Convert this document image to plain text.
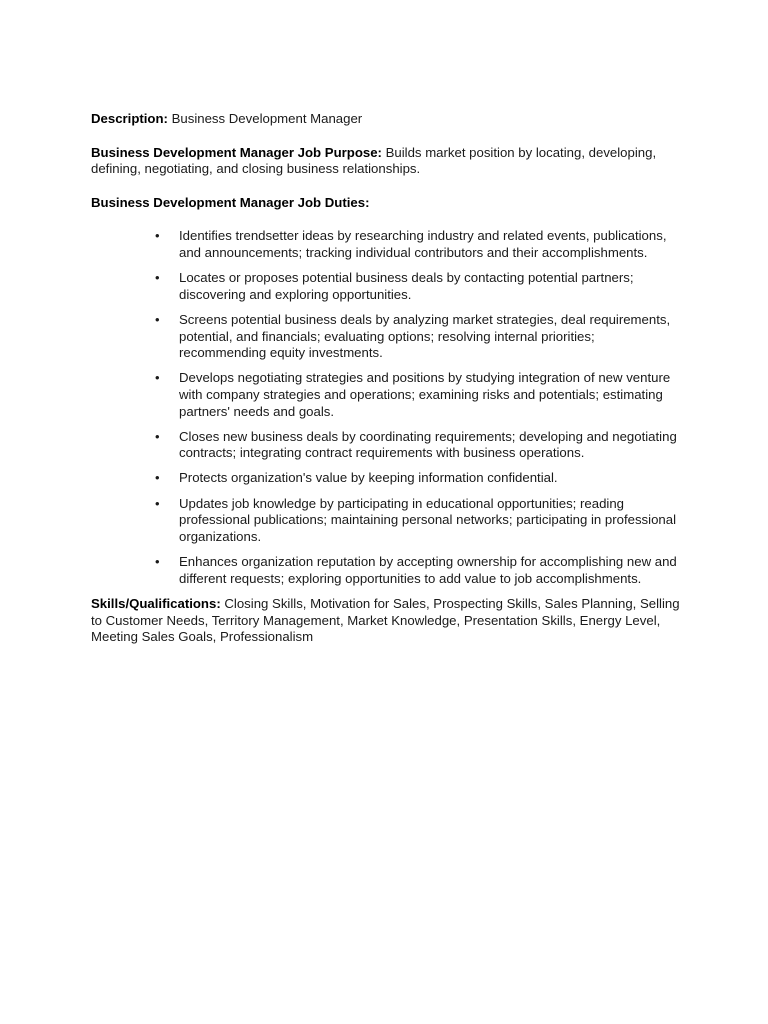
Description: Business Development Manager

Business Development Manager Job Purpose: Builds market position by locating, developing, defining, negotiating, and closing business relationships.

Business Development Manager Job Duties:

• Identifies trendsetter ideas by researching industry and related events, publications, and announcements; tracking individual contributors and their accomplishments.
• Locates or proposes potential business deals by contacting potential partners; discovering and exploring opportunities.
• Screens potential business deals by analyzing market strategies, deal requirements, potential, and financials; evaluating options; resolving internal priorities; recommending equity investments.
• Develops negotiating strategies and positions by studying integration of new venture with company strategies and operations; examining risks and potentials; estimating partners' needs and goals.
• Closes new business deals by coordinating requirements; developing and negotiating contracts; integrating contract requirements with business operations.
• Protects organization's value by keeping information confidential.
• Updates job knowledge by participating in educational opportunities; reading professional publications; maintaining personal networks; participating in professional organizations.
• Enhances organization reputation by accepting ownership for accomplishing new and different requests; exploring opportunities to add value to job accomplishments.

Skills/Qualifications: Closing Skills, Motivation for Sales, Prospecting Skills, Sales Planning, Selling to Customer Needs, Territory Management, Market Knowledge, Presentation Skills, Energy Level, Meeting Sales Goals, Professionalism
